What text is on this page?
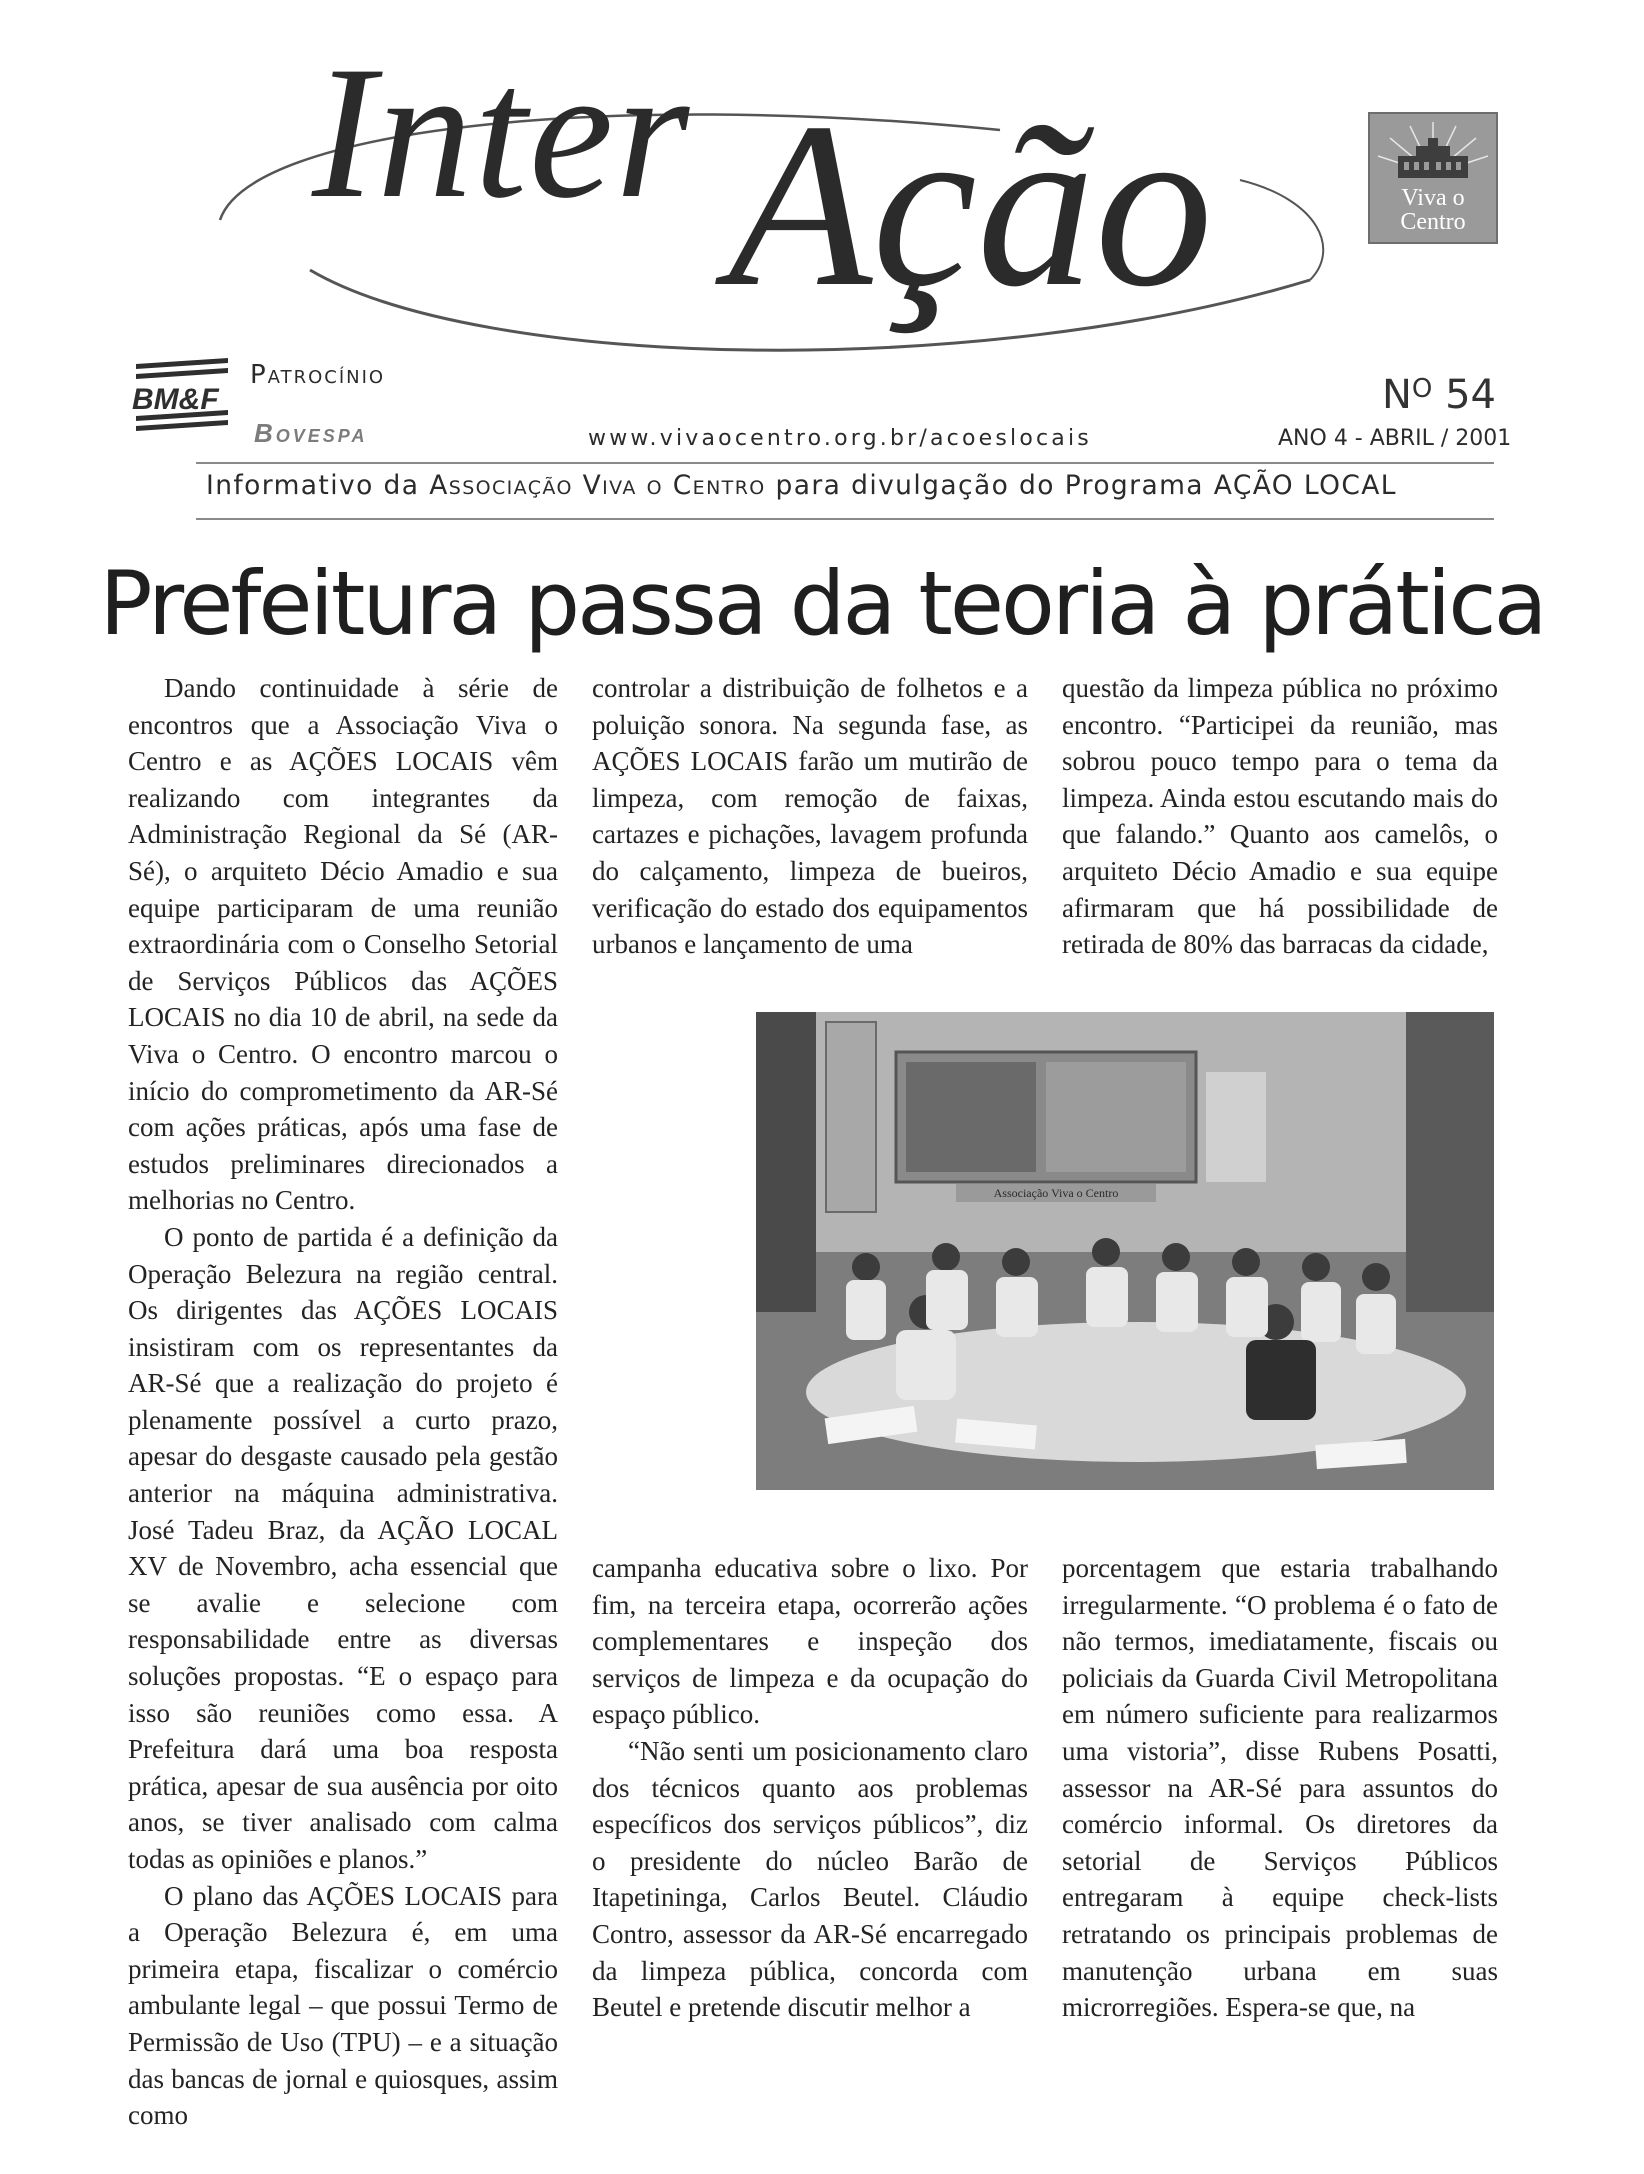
Inter Ação	Viva o
Centro
BM&F
Patrocínio
Bovespa	www.vivaocentro.org.br/acoeslocais
$N^O$ 54
ANO 4 - ABRIL / 2001
Informativo da Associação Viva o Centro para divulgação do Programa AÇÃO LOCAL
Prefeitura passa da teoria à prática

Dando continuidade à série de encontros que a Associação Viva o Centro e as AÇÕES LOCAIS vêm realizando com integrantes da Administração Regional da Sé (AR-Sé), o arquiteto Décio Amadio e sua equipe participaram de uma reunião extraordinária com o Conselho Setorial de Serviços Públicos das AÇÕES LOCAIS no dia 10 de abril, na sede da Viva o Centro. O encontro marcou o início do comprometimento da AR-Sé com ações práticas, após uma fase de estudos preliminares direcionados a melhorias no Centro.

O ponto de partida é a definição da Operação Belezura na região central. Os dirigentes das AÇÕES LOCAIS insistiram com os representantes da AR-Sé que a realização do projeto é plenamente possível a curto prazo, apesar do desgaste causado pela gestão anterior na máquina administrativa. José Tadeu Braz, da AÇÃO LOCAL XV de Novembro, acha essencial que se avalie e selecione com responsabilidade entre as diversas soluções propostas. “E o espaço para isso são reuniões como essa. A Prefeitura dará uma boa resposta prática, apesar de sua ausência por oito anos, se tiver analisado com calma todas as opiniões e planos.”

O plano das AÇÕES LOCAIS para a Operação Belezura é, em uma primeira etapa, fiscalizar o comércio ambulante legal – que possui Termo de Permissão de Uso (TPU) – e a situação das bancas de jornal e quiosques, assim como

controlar a distribuição de folhetos e a poluição sonora. Na segunda fase, as AÇÕES LOCAIS farão um mutirão de limpeza, com remoção de faixas, cartazes e pichações, lavagem profunda do calçamento, limpeza de bueiros, verificação do estado dos equipamentos urbanos e lançamento de uma

questão da limpeza pública no próximo encontro. “Participei da reunião, mas sobrou pouco tempo para o tema da limpeza. Ainda estou escutando mais do que falando.” Quanto aos camelôs, o arquiteto Décio Amadio e sua equipe afirmaram que há possibilidade de retirada de 80% das barracas da cidade,

Associação Viva o Centro

campanha educativa sobre o lixo. Por fim, na terceira etapa, ocorrerão ações complementares e inspeção dos serviços de limpeza e da ocupação do espaço público.

“Não senti um posicionamento claro dos técnicos quanto aos problemas específicos dos serviços públicos”, diz o presidente do núcleo Barão de Itapetininga, Carlos Beutel. Cláudio Contro, assessor da AR-Sé encarregado da limpeza pública, concorda com Beutel e pretende discutir melhor a

porcentagem que estaria trabalhando irregularmente. “O problema é o fato de não termos, imediatamente, fiscais ou policiais da Guarda Civil Metropolitana em número suficiente para realizarmos uma vistoria”, disse Rubens Posatti, assessor na AR-Sé para assuntos do comércio informal. Os diretores da setorial de Serviços Públicos entregaram à equipe check-lists retratando os principais problemas de manutenção urbana em suas microrregiões. Espera-se que, na
